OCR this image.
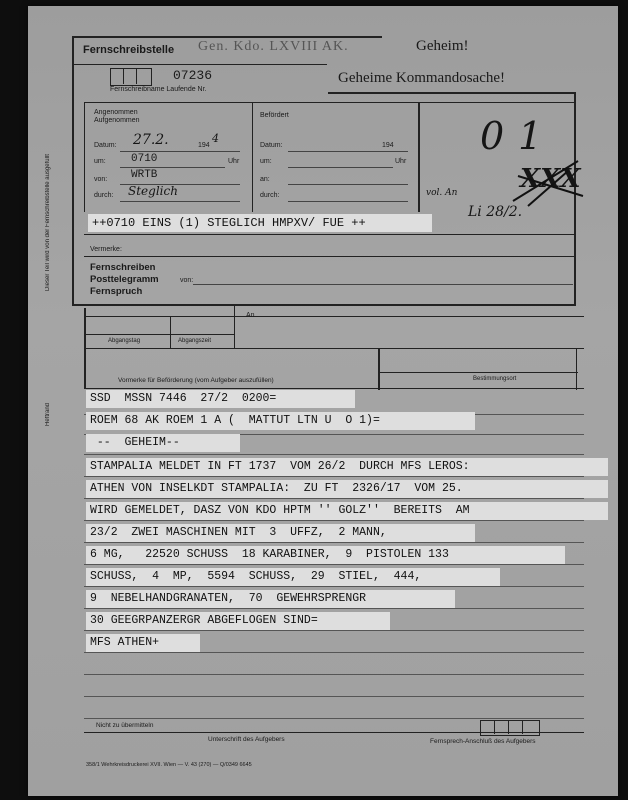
Dieser Teil wird von der Fernschreibstelle ausgefüllt
Heftrand
Fernschreibstelle Gen. Kdo. LXVIII AK.	Geheim!
07236
Fernschreibname Laufende Nr.
Geheime Kommandosache!
Angenommen
Aufgenommen
Datum: 27.2.	194
4
um: 0710	Uhr
von: WRTB
durch: Steglich
Befördert
Datum:	194
um:	Uhr
an:
durch:
01
XXX
vol. An
Li 28/2.
++0710 EINS (1) STEGLICH HMPXV/ FUE ++
Vermerke:
Fernschreiben
Posttelegramm	von:
Fernspruch
An
Abgangstag	Abgangszeit
Vormerke für Beförderung (vom Aufgeber auszufüllen)	Bestimmungsort
SSD  MSSN 7446  27/2  0200=
ROEM 68 AK ROEM 1 A (  MATTUT LTN U  O 1)=
--  GEHEIM--
STAMPALIA MELDET IN FT 1737  VOM 26/2  DURCH MFS LEROS:
ATHEN VON INSELKDT STAMPALIA:  ZU FT  2326/17  VOM 25.
WIRD GEMELDET, DASZ VON KDO HPTM '' GOLZ''  BEREITS  AM
23/2  ZWEI MASCHINEN MIT  3  UFFZ,  2 MANN,
6 MG,   22520 SCHUSS  18 KARABINER,  9  PISTOLEN 133
SCHUSS,  4  MP,  5594  SCHUSS,  29  STIEL,  444,
9  NEBELHANDGRANATEN,  70  GEWEHRSPRENGR
30 GEEGRPANZERGR ABGEFLOGEN SIND=
MFS ATHEN+
Nicht zu übermitteln
Unterschrift des Aufgebers	Fernsprech-Anschluß des Aufgebers
358/1 Wehrkreisdruckerei XVII. Wien — V. 43 (270) — Q/0349 6645
